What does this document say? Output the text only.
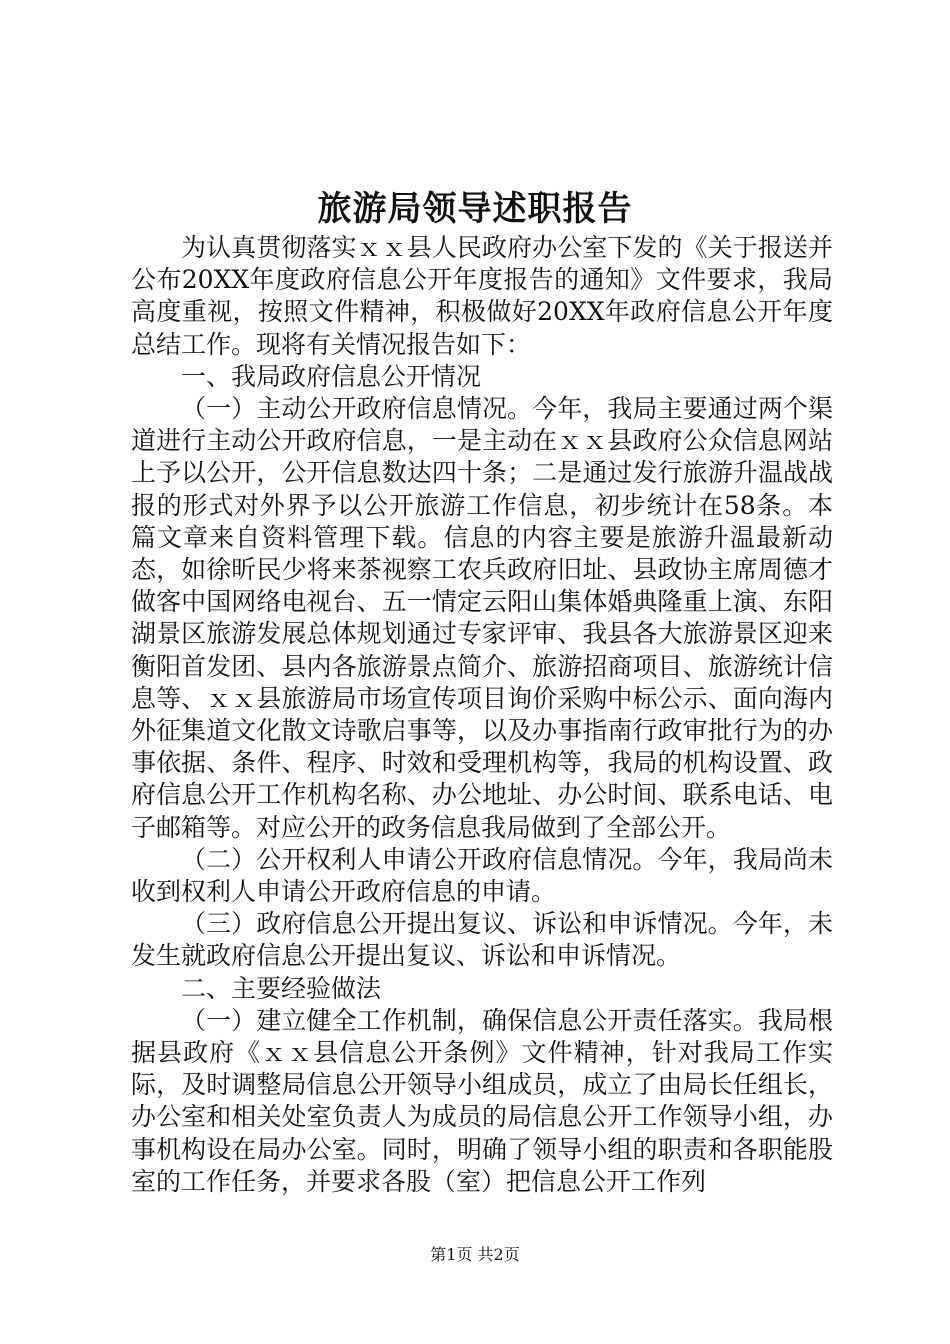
旅游局领导述职报告

为认真贯彻落实ｘｘ县人民政府办公室下发的《关于报送并公布20XX年度政府信息公开年度报告的通知》文件要求，我局高度重视，按照文件精神，积极做好20XX年政府信息公开年度总结工作。现将有关情况报告如下：

一、我局政府信息公开情况

（一）主动公开政府信息情况。今年，我局主要通过两个渠道进行主动公开政府信息，一是主动在ｘｘ县政府公众信息网站上予以公开，公开信息数达四十条；二是通过发行旅游升温战战报的形式对外界予以公开旅游工作信息，初步统计在58条。本篇文章来自资料管理下载。信息的内容主要是旅游升温最新动态，如徐昕民少将来茶视察工农兵政府旧址、县政协主席周德才做客中国网络电视台、五一情定云阳山集体婚典隆重上演、东阳湖景区旅游发展总体规划通过专家评审、我县各大旅游景区迎来衡阳首发团、县内各旅游景点简介、旅游招商项目、旅游统计信息等、ｘｘ县旅游局市场宣传项目询价采购中标公示、面向海内外征集道文化散文诗歌启事等，以及办事指南行政审批行为的办事依据、条件、程序、时效和受理机构等，我局的机构设置、政府信息公开工作机构名称、办公地址、办公时间、联系电话、电子邮箱等。对应公开的政务信息我局做到了全部公开。

（二）公开权利人申请公开政府信息情况。今年，我局尚未收到权利人申请公开政府信息的申请。

（三）政府信息公开提出复议、诉讼和申诉情况。今年，未发生就政府信息公开提出复议、诉讼和申诉情况。

二、主要经验做法

（一）建立健全工作机制，确保信息公开责任落实。我局根据县政府《ｘｘ县信息公开条例》文件精神，针对我局工作实际，及时调整局信息公开领导小组成员，成立了由局长任组长，办公室和相关处室负责人为成员的局信息公开工作领导小组，办事机构设在局办公室。同时，明确了领导小组的职责和各职能股室的工作任务，并要求各股（室）把信息公开工作列

第1页 共2页
